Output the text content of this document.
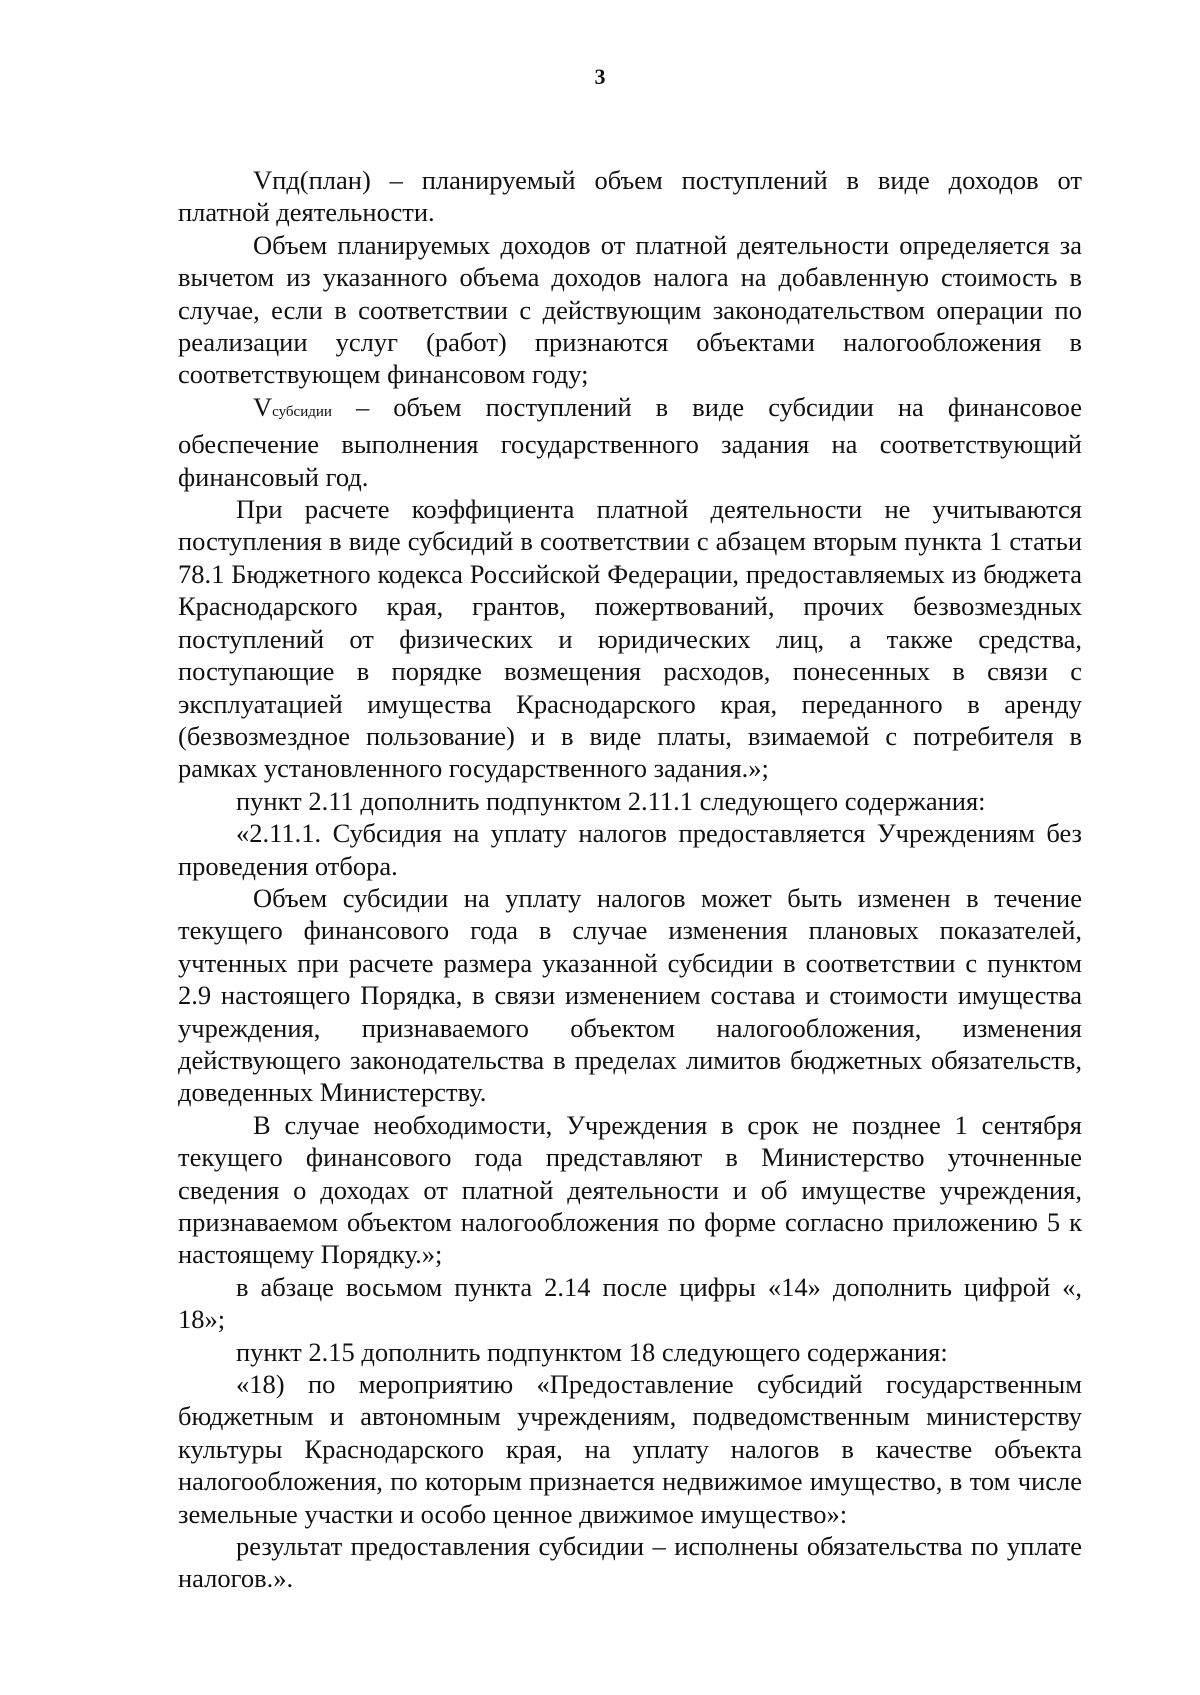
3

Vпд(план) – планируемый объем поступлений в виде доходов от платной деятельности.

Объем планируемых доходов от платной деятельности определяется за вычетом из указанного объема доходов налога на добавленную стоимость в случае, если в соответствии с действующим законодательством операции по реализации услуг (работ) признаются объектами налогообложения в соответствующем финансовом году;

Vсубсидии – объем поступлений в виде субсидии на финансовое обеспечение выполнения государственного задания на соответствующий финансовый год.

При расчете коэффициента платной деятельности не учитываются поступления в виде субсидий в соответствии с абзацем вторым пункта 1 статьи 78.1 Бюджетного кодекса Российской Федерации, предоставляемых из бюджета Краснодарского края, грантов, пожертвований, прочих безвозмездных поступлений от физических и юридических лиц, а также средства, поступающие в порядке возмещения расходов, понесенных в связи с эксплуатацией имущества Краснодарского края, переданного в аренду (безвозмездное пользование) и в виде платы, взимаемой с потребителя в рамках установленного государственного задания.»;

пункт 2.11 дополнить подпунктом 2.11.1 следующего содержания:

«2.11.1. Субсидия на уплату налогов предоставляется Учреждениям без проведения отбора.

Объем субсидии на уплату налогов может быть изменен в течение текущего финансового года в случае изменения плановых показателей, учтенных при расчете размера указанной субсидии в соответствии с пунктом 2.9 настоящего Порядка, в связи изменением состава и стоимости имущества учреждения, признаваемого объектом налогообложения, изменения действующего законодательства в пределах лимитов бюджетных обязательств, доведенных Министерству.

В случае необходимости, Учреждения в срок не позднее 1 сентября текущего финансового года представляют в Министерство уточненные сведения о доходах от платной деятельности и об имуществе учреждения, признаваемом объектом налогообложения по форме согласно приложению 5 к настоящему Порядку.»;

в абзаце восьмом пункта 2.14 после цифры «14» дополнить цифрой «, 18»;

пункт 2.15 дополнить подпунктом 18 следующего содержания:

«18) по мероприятию «Предоставление субсидий государственным бюджетным и автономным учреждениям, подведомственным министерству культуры Краснодарского края, на уплату налогов в качестве объекта налогообложения, по которым признается недвижимое имущество, в том числе земельные участки и особо ценное движимое имущество»:

результат предоставления субсидии – исполнены обязательства по уплате налогов.».
